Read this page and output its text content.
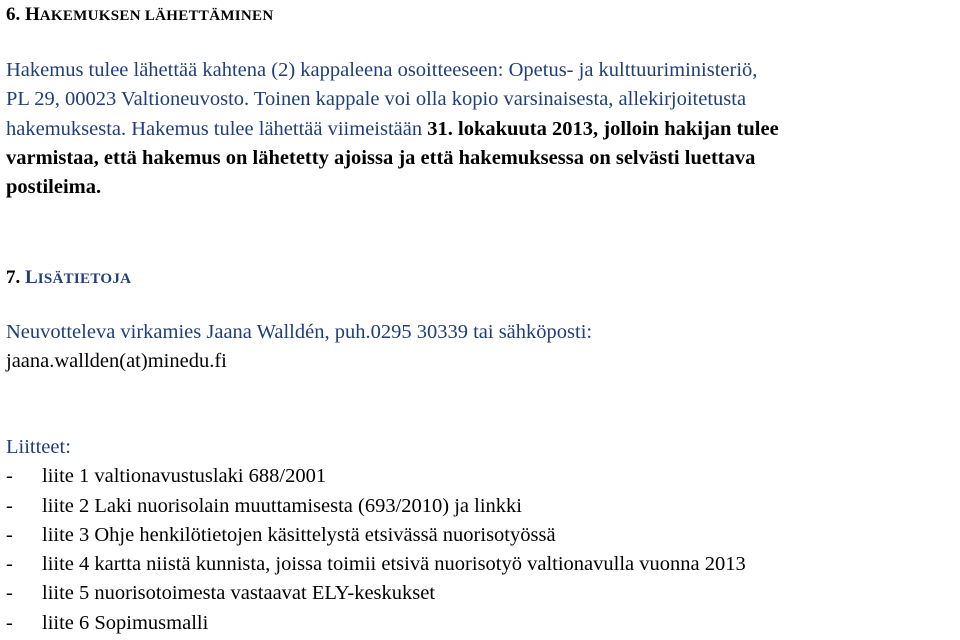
6. HAKEMUKSEN LÄHETTÄMINEN
Hakemus tulee lähettää kahtena (2) kappaleena osoitteeseen: Opetus- ja kulttuuriministeriö,
PL 29, 00023 Valtioneuvosto. Toinen kappale voi olla kopio varsinaisesta, allekirjoitetusta
hakemuksesta. Hakemus tulee lähettää viimeistään 31. lokakuuta 2013, jolloin hakijan tulee
varmistaa, että hakemus on lähetetty ajoissa ja että hakemuksessa on selvästi luettava
postileima.
7. LISÄTIETOJA
Neuvotteleva virkamies Jaana Walldén, puh.0295 30339 tai sähköposti:
jaana.wallden(at)minedu.fi
Liitteet:
- liite 1 valtionavustuslaki 688/2001
- liite 2 Laki nuorisolain muuttamisesta (693/2010) ja linkki
- liite 3 Ohje henkilötietojen käsittelystä etsivässä nuorisotyössä
- liite 4 kartta niistä kunnista, joissa toimii etsivä nuorisotyö valtionavulla vuonna 2013
- liite 5 nuorisotoimesta vastaavat ELY-keskukset
- liite 6 Sopimusmalli
